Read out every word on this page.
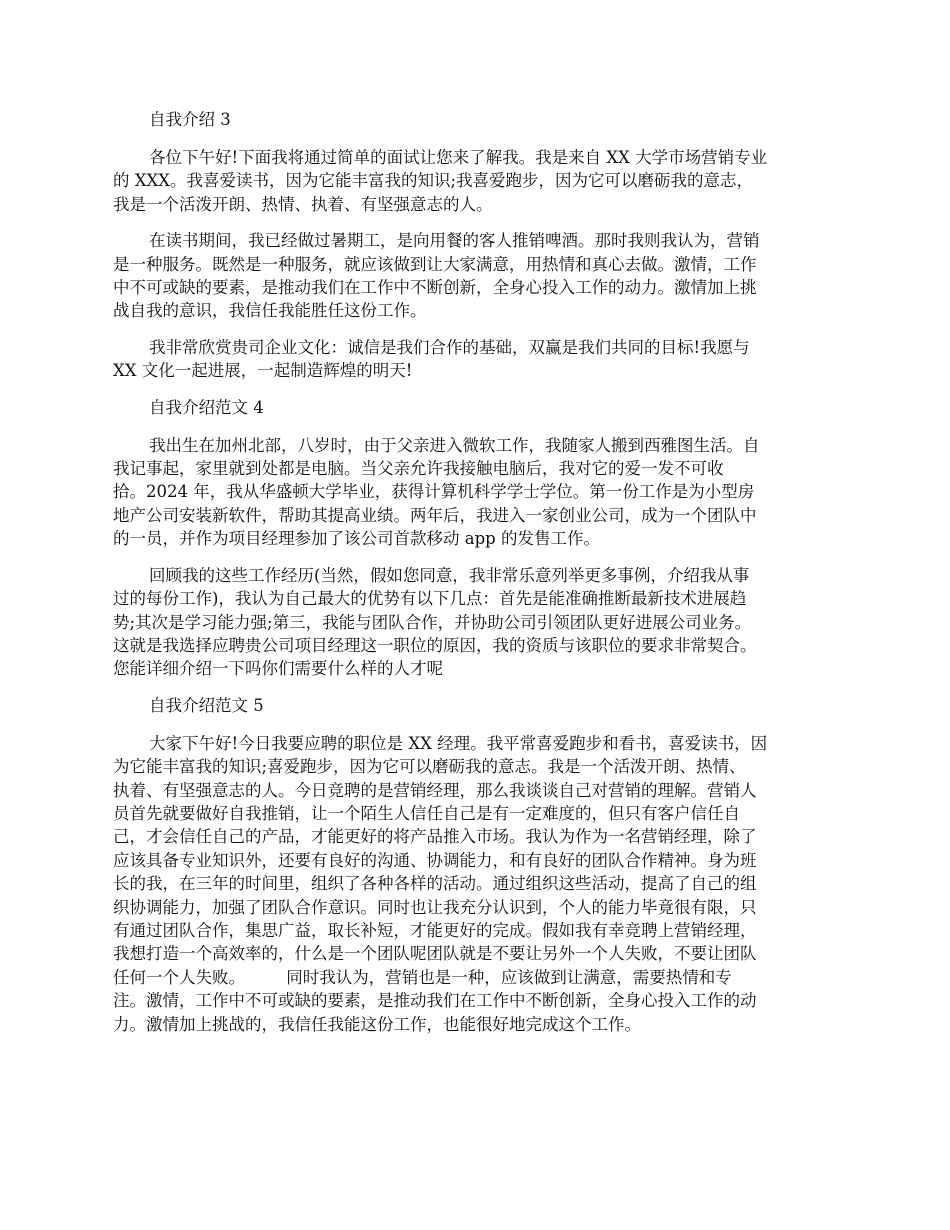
自我介绍 3
各位下午好!下面我将通过简单的面试让您来了解我。我是来自 XX 大学市场营销专业
的 XXX。我喜爱读书，因为它能丰富我的知识;我喜爱跑步，因为它可以磨砺我的意志，
我是一个活泼开朗、热情、执着、有坚强意志的人。
在读书期间，我已经做过暑期工，是向用餐的客人推销啤酒。那时我则我认为，营销
是一种服务。既然是一种服务，就应该做到让大家满意，用热情和真心去做。激情，工作
中不可或缺的要素，是推动我们在工作中不断创新，全身心投入工作的动力。激情加上挑
战自我的意识，我信任我能胜任这份工作。
我非常欣赏贵司企业文化：诚信是我们合作的基础，双赢是我们共同的目标!我愿与
XX 文化一起进展，一起制造辉煌的明天!
自我介绍范文 4
我出生在加州北部，八岁时，由于父亲进入微软工作，我随家人搬到西雅图生活。自
我记事起，家里就到处都是电脑。当父亲允许我接触电脑后，我对它的爱一发不可收
拾。2024 年，我从华盛顿大学毕业，获得计算机科学学士学位。第一份工作是为小型房
地产公司安装新软件，帮助其提高业绩。两年后，我进入一家创业公司，成为一个团队中
的一员，并作为项目经理参加了该公司首款移动 app 的发售工作。
回顾我的这些工作经历(当然，假如您同意，我非常乐意列举更多事例，介绍我从事
过的每份工作)，我认为自己最大的优势有以下几点：首先是能准确推断最新技术进展趋
势;其次是学习能力强;第三，我能与团队合作，并协助公司引领团队更好进展公司业务。
这就是我选择应聘贵公司项目经理这一职位的原因，我的资质与该职位的要求非常契合。
您能详细介绍一下吗你们需要什么样的人才呢
自我介绍范文 5
大家下午好!今日我要应聘的职位是 XX 经理。我平常喜爱跑步和看书，喜爱读书，因
为它能丰富我的知识;喜爱跑步，因为它可以磨砺我的意志。我是一个活泼开朗、热情、
执着、有坚强意志的人。今日竞聘的是营销经理，那么我谈谈自己对营销的理解。营销人
员首先就要做好自我推销，让一个陌生人信任自己是有一定难度的，但只有客户信任自
己，才会信任自己的产品，才能更好的将产品推入市场。我认为作为一名营销经理，除了
应该具备专业知识外，还要有良好的沟通、协调能力，和有良好的团队合作精神。身为班
长的我，在三年的时间里，组织了各种各样的活动。通过组织这些活动，提高了自己的组
织协调能力，加强了团队合作意识。同时也让我充分认识到，个人的能力毕竟很有限，只
有通过团队合作，集思广益，取长补短，才能更好的完成。假如我有幸竞聘上营销经理，
我想打造一个高效率的，什么是一个团队呢团队就是不要让另外一个人失败，不要让团队
任何一个人失败。　　　同时我认为，营销也是一种，应该做到让满意，需要热情和专
注。激情，工作中不可或缺的要素，是推动我们在工作中不断创新，全身心投入工作的动
力。激情加上挑战的，我信任我能这份工作，也能很好地完成这个工作。
